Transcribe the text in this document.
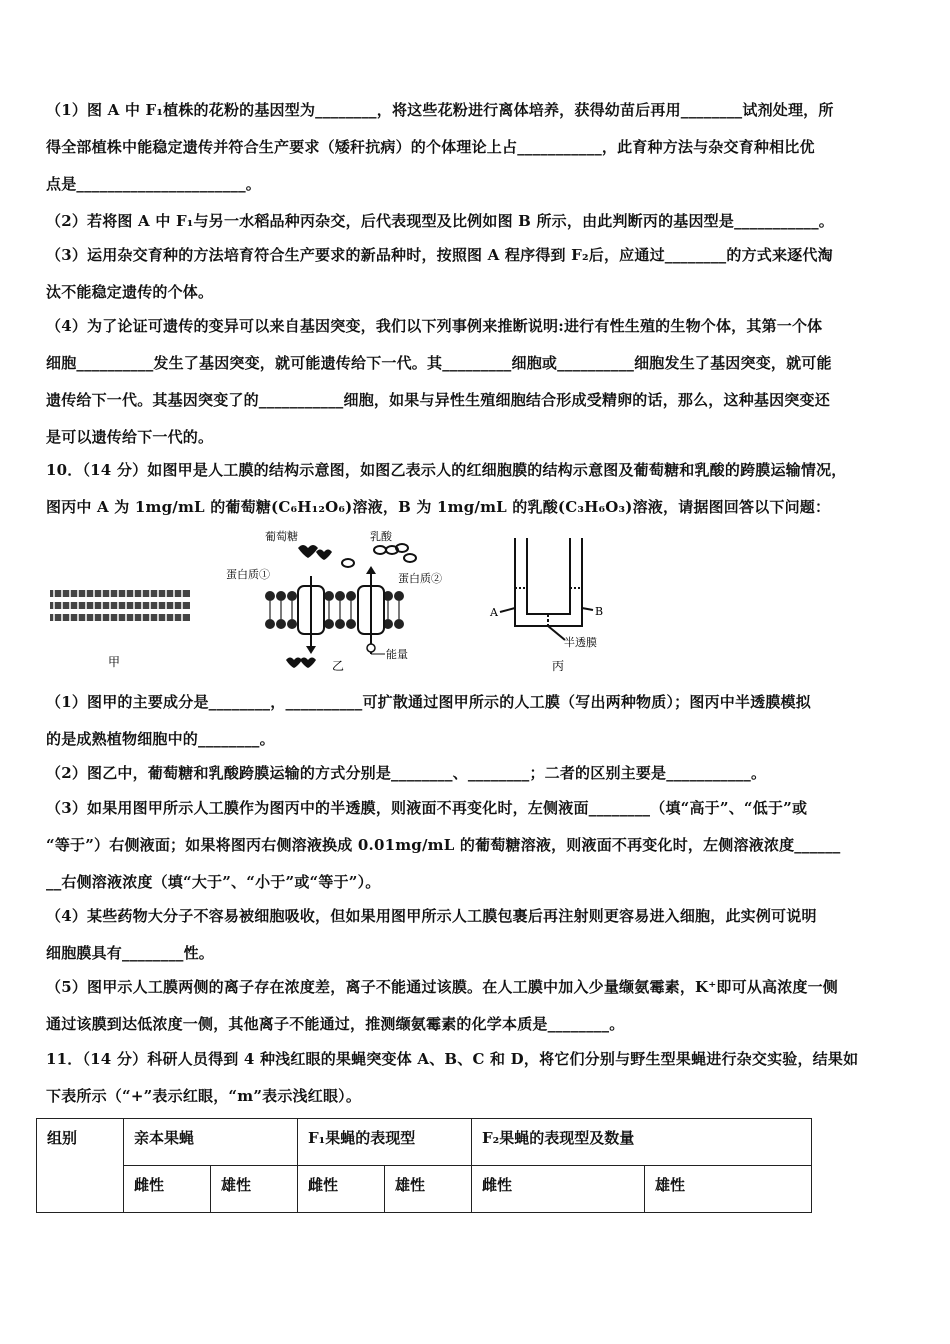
（1）图 A 中 F₁植株的花粉的基因型为________，将这些花粉进行离体培养，获得幼苗后再用________试剂处理，所
得全部植株中能稳定遗传并符合生产要求（矮秆抗病）的个体理论上占___________，此育种方法与杂交育种相比优
点是______________________。
（2）若将图 A 中 F₁与另一水稻品种丙杂交，后代表现型及比例如图 B 所示，由此判断丙的基因型是___________。
（3）运用杂交育种的方法培育符合生产要求的新品种时，按照图 A 程序得到 F₂后，应通过________的方式来逐代淘
汰不能稳定遗传的个体。
（4）为了论证可遗传的变异可以来自基因突变，我们以下列事例来推断说明:进行有性生殖的生物个体，其第一个体
细胞__________发生了基因突变，就可能遗传给下一代。其_________细胞或__________细胞发生了基因突变，就可能
遗传给下一代。其基因突变了的___________细胞，如果与异性生殖细胞结合形成受精卵的话，那么，这种基因突变还
是可以遗传给下一代的。
10．（14 分）如图甲是人工膜的结构示意图，如图乙表示人的红细胞膜的结构示意图及葡萄糖和乳酸的跨膜运输情况，
图丙中 A 为 1mg/mL 的葡萄糖(C₆H₁₂O₆)溶液，B 为 1mg/mL 的乳酸(C₃H₆O₃)溶液，请据图回答以下问题：
甲
葡萄糖	乳酸
蛋白质①	蛋白质②
能量
乙
A	B
半透膜
丙
（1）图甲的主要成分是________，__________可扩散通过图甲所示的人工膜（写出两种物质）；图丙中半透膜模拟
的是成熟植物细胞中的________。
（2）图乙中，葡萄糖和乳酸跨膜运输的方式分别是________、________；二者的区别主要是___________。
（3）如果用图甲所示人工膜作为图丙中的半透膜，则液面不再变化时，左侧液面________（填“高于”、“低于”或
“等于”）右侧液面；如果将图丙右侧溶液换成 0.01mg/mL 的葡萄糖溶液，则液面不再变化时，左侧溶液浓度______
__右侧溶液浓度（填“大于”、“小于”或“等于”）。
（4）某些药物大分子不容易被细胞吸收，但如果用图甲所示人工膜包裹后再注射则更容易进入细胞，此实例可说明
细胞膜具有________性。
（5）图甲示人工膜两侧的离子存在浓度差，离子不能通过该膜。在人工膜中加入少量缬氨霉素，K⁺即可从高浓度一侧
通过该膜到达低浓度一侧，其他离子不能通过，推测缬氨霉素的化学本质是________。
11．（14 分）科研人员得到 4 种浅红眼的果蝇突变体 A、B、C 和 D，将它们分别与野生型果蝇进行杂交实验，结果如
下表所示（“+”表示红眼，“m”表示浅红眼）。
组别	亲本果蝇		F₁果蝇的表现型		F₂果蝇的表现型及数量	
	雌性	雄性	雌性	雄性	雌性	雄性
